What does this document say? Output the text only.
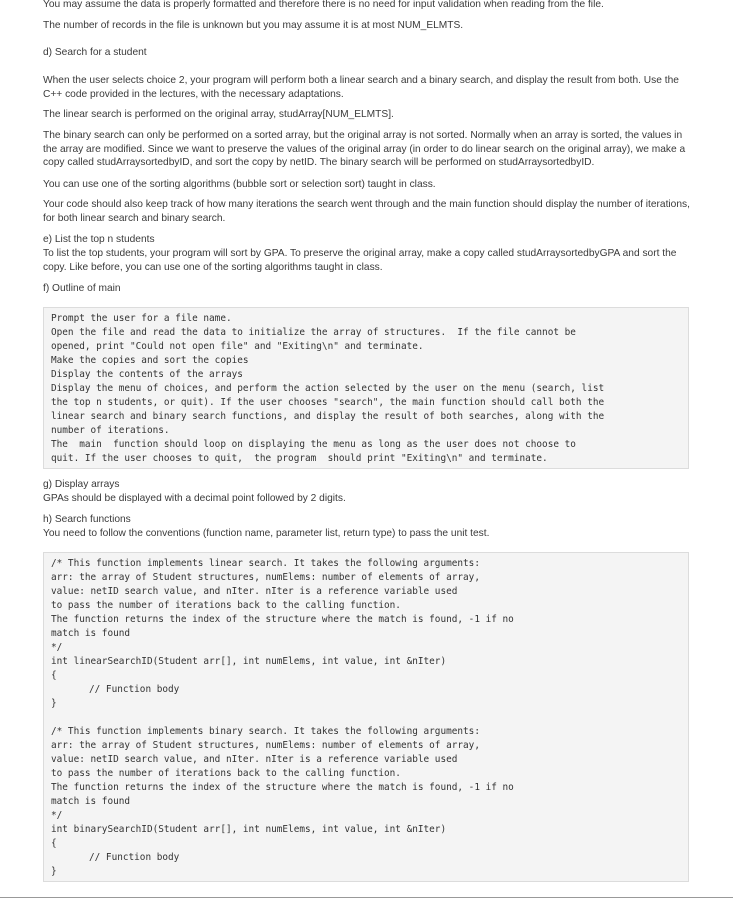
You may assume the data is properly formatted and therefore there is no need for input validation when reading from the file.

The number of records in the file is unknown but you may assume it is at most NUM_ELMTS.

d) Search for a student

When the user selects choice 2, your program will perform both a linear search and a binary search, and display the result from both. Use the C++ code provided in the lectures, with the necessary adaptations.

The linear search is performed on the original array, studArray[NUM_ELMTS].

The binary search can only be performed on a sorted array, but the original array is not sorted. Normally when an array is sorted, the values in the array are modified. Since we want to preserve the values of the original array (in order to do linear search on the original array), we make a copy called studArraysortedbyID, and sort the copy by netID. The binary search will be performed on studArraysortedbyID.

You can use one of the sorting algorithms (bubble sort or selection sort) taught in class.

Your code should also keep track of how many iterations the search went through and the main function should display the number of iterations, for both linear search and binary search.

e) List the top n students

To list the top students, your program will sort by GPA. To preserve the original array, make a copy called studArraysortedbyGPA and sort the copy. Like before, you can use one of the sorting algorithms taught in class.

f) Outline of main

Prompt the user for a file name.
Open the file and read the data to initialize the array of structures.  If the file cannot be
opened, print "Could not open file" and "Exiting\n" and terminate.
Make the copies and sort the copies
Display the contents of the arrays
Display the menu of choices, and perform the action selected by the user on the menu (search, list
the top n students, or quit). If the user chooses "search", the main function should call both the
linear search and binary search functions, and display the result of both searches, along with the
number of iterations.
The  main  function should loop on displaying the menu as long as the user does not choose to
quit. If the user chooses to quit,  the program  should print "Exiting\n" and terminate.

g) Display arrays

GPAs should be displayed with a decimal point followed by 2 digits.

h) Search functions

You need to follow the conventions (function name, parameter list, return type) to pass the unit test.

/* This function implements linear search. It takes the following arguments:
arr: the array of Student structures, numElems: number of elements of array,
value: netID search value, and nIter. nIter is a reference variable used
to pass the number of iterations back to the calling function.
The function returns the index of the structure where the match is found, -1 if no
match is found
*/
int linearSearchID(Student arr[], int numElems, int value, int &nIter)
{
// Function body
}
/* This function implements binary search. It takes the following arguments:
arr: the array of Student structures, numElems: number of elements of array,
value: netID search value, and nIter. nIter is a reference variable used
to pass the number of iterations back to the calling function.
The function returns the index of the structure where the match is found, -1 if no
match is found
*/
int binarySearchID(Student arr[], int numElems, int value, int &nIter)
{
// Function body
}
